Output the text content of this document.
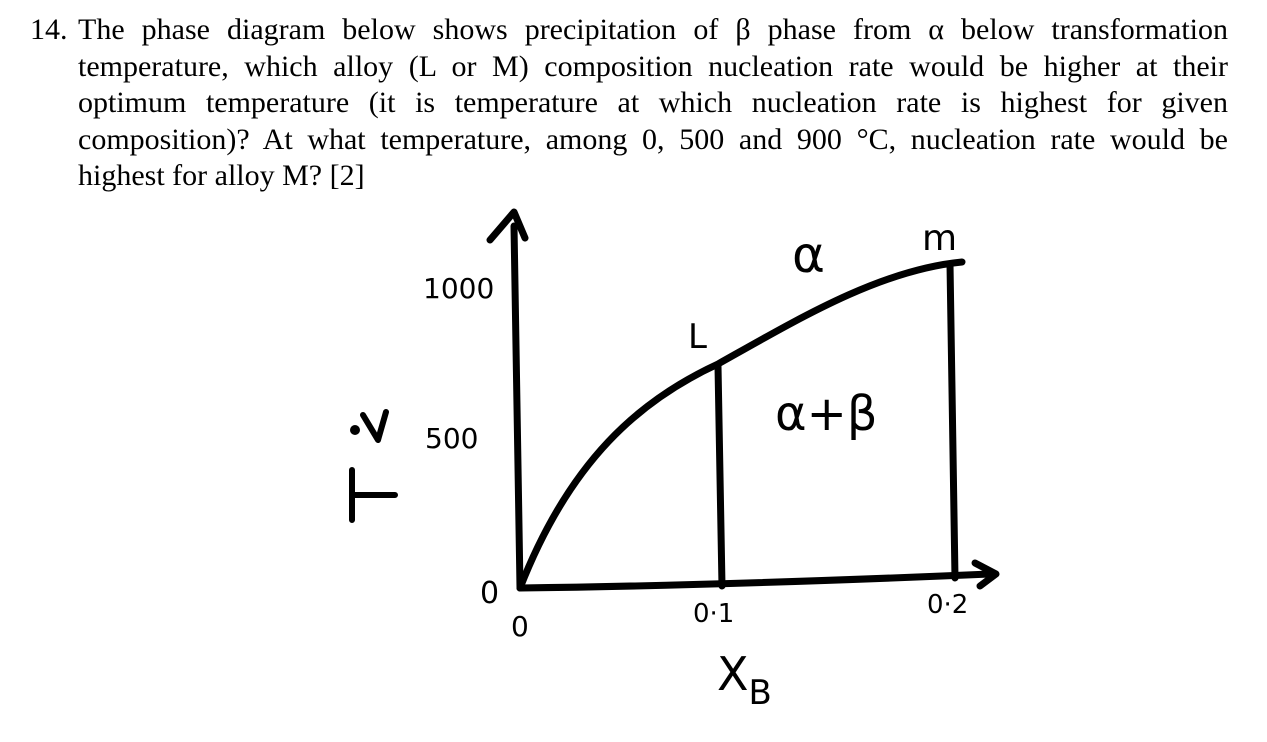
14. The phase diagram below shows precipitation of β phase from α below transformation
temperature, which alloy (L or M) composition nucleation rate would be higher at their
optimum temperature (it is temperature at which nucleation rate is highest for given
composition)? At what temperature, among 0, 500 and 900 °C, nucleation rate would be
highest for alloy M? [2]
1000
500
0
0	0·1	0·2
$X_B$
α
α+β
L
m
